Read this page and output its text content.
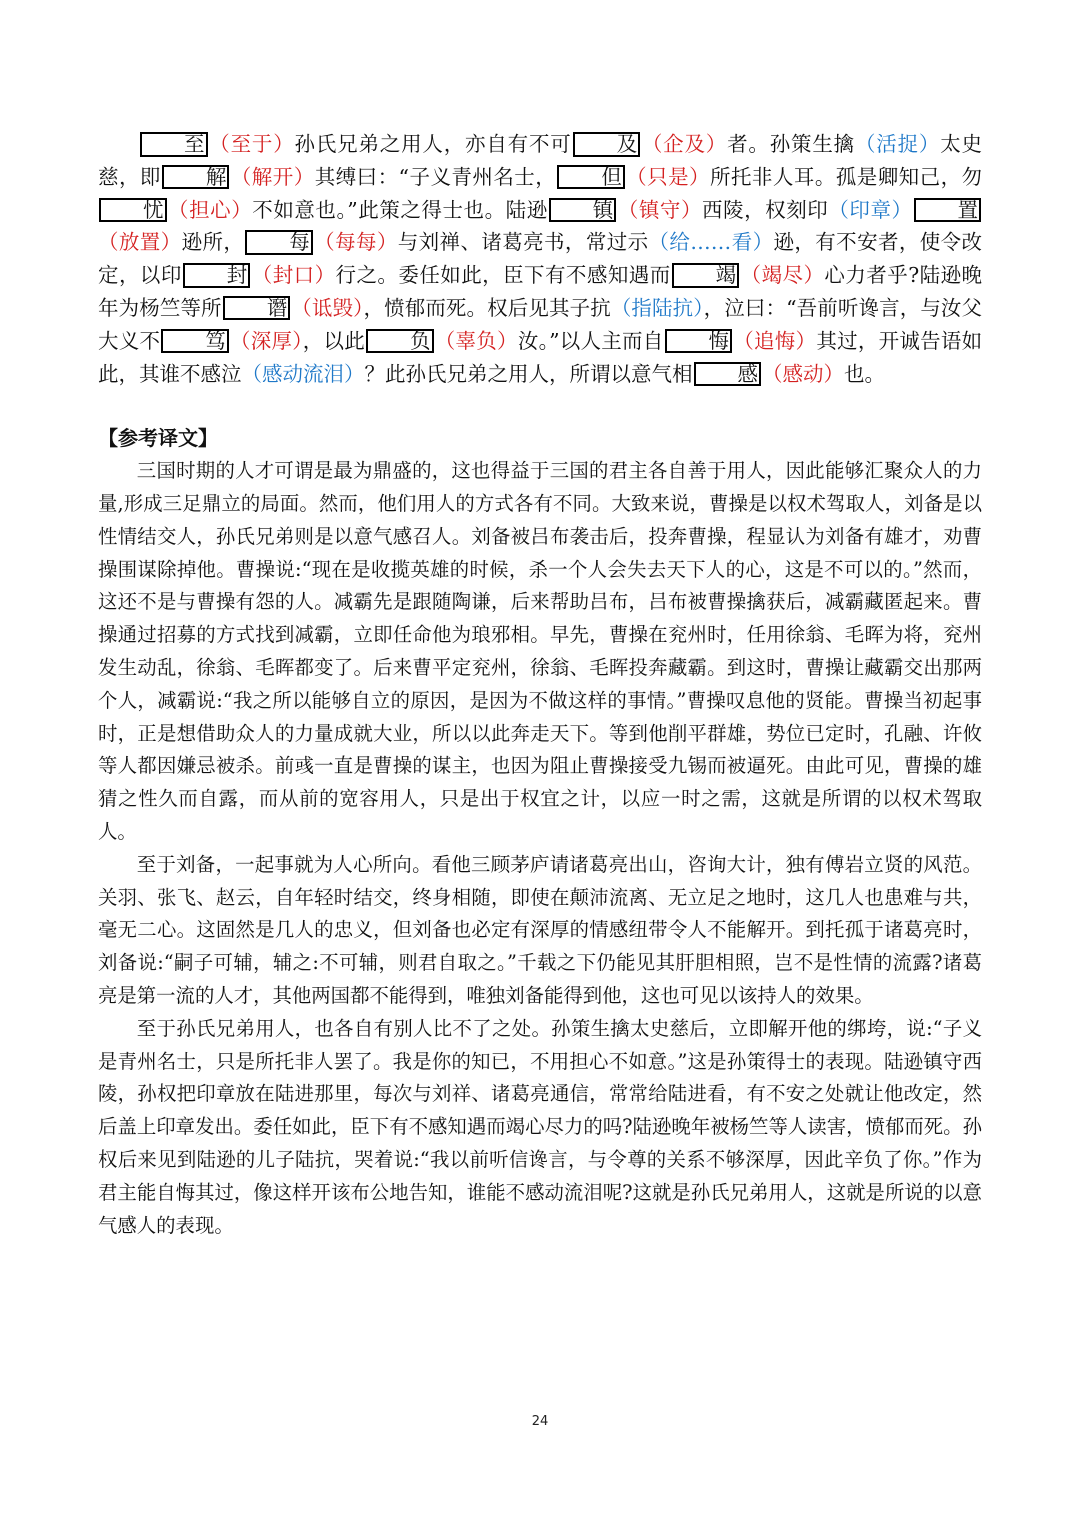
至 （至于）孙氏兄弟之用人，亦自有不可 及 （企及）者。孙策生擒（活捉）太史慈，即 解 （解开）其缚曰：“子义青州名士， 但 （只是）所托非人耳。孤是卿知己，勿忧 （担心）不如意也。”此策之得士也。陆逊 镇 （镇守）西陵，权刻印（印章） 置（放置）逊所， 每 （每每）与刘禅、诸葛亮书，常过示（给……看）逊，有不安者，使令改定，以印 封 （封口）行之。委任如此，臣下有不感知遇而 竭 （竭尽）心力者乎?陆逊晚年为杨竺等所 谮 （诋毁），愤郁而死。权后见其子抗（指陆抗），泣曰：“吾前听谗言，与汝父大义不 笃 （深厚），以此 负 （辜负）汝。”以人主而自 悔 （追悔）其过，开诚告语如此，其谁不感泣（感动流泪）？此孙氏兄弟之用人，所谓以意气相 感 （感动）也。

【参考译文】

三国时期的人才可谓是最为鼎盛的，这也得益于三国的君主各自善于用人，因此能够汇聚众人的力量,形成三足鼎立的局面。然而，他们用人的方式各有不同。大致来说，曹操是以权术驾取人，刘备是以性情结交人，孙氏兄弟则是以意气感召人。刘备被吕布袭击后，投奔曹操，程显认为刘备有雄才，劝曹操围谋除掉他。曹操说:“现在是收揽英雄的时候，杀一个人会失去天下人的心，这是不可以的。”然而，这还不是与曹操有怨的人。减霸先是跟随陶谦，后来帮助吕布，吕布被曹操擒获后，减霸藏匿起来。曹操通过招募的方式找到减霸，立即任命他为琅邪相。早先，曹操在兖州时，任用徐翁、毛晖为将，兖州发生动乱，徐翁、毛晖都变了。后来曹平定兖州，徐翁、毛晖投奔藏霸。到这时，曹操让藏霸交出那两个人，减霸说:“我之所以能够自立的原因，是因为不做这样的事情。”曹操叹息他的贤能。曹操当初起事时，正是想借助众人的力量成就大业，所以以此奔走天下。等到他削平群雄，势位已定时，孔融、许攸等人都因嫌忌被杀。前彧一直是曹操的谋主，也因为阻止曹操接受九锡而被逼死。由此可见，曹操的雄猜之性久而自露，而从前的宽容用人，只是出于权宜之计，以应一时之需，这就是所谓的以权术驾取人。

至于刘备，一起事就为人心所向。看他三顾茅庐请诸葛亮出山，咨询大计，独有傅岩立贤的风范。关羽、张飞、赵云，自年轻时结交，终身相随，即使在颠沛流离、无立足之地时，这几人也患难与共，毫无二心。这固然是几人的忠义，但刘备也必定有深厚的情感纽带令人不能解开。到托孤于诸葛亮时，刘备说:“嗣子可辅，辅之:不可辅，则君自取之。”千载之下仍能见其肝胆相照，岂不是性情的流露?诸葛亮是第一流的人才，其他两国都不能得到，唯独刘备能得到他，这也可见以该持人的效果。

至于孙氏兄弟用人，也各自有别人比不了之处。孙策生擒太史慈后，立即解开他的绑垮，说:“子义是青州名士，只是所托非人罢了。我是你的知已，不用担心不如意。”这是孙策得士的表现。陆逊镇守西陵，孙权把印章放在陆进那里，每次与刘祥、诸葛亮通信，常常给陆进看，有不安之处就让他改定，然后盖上印章发出。委任如此，臣下有不感知遇而竭心尽力的吗?陆逊晚年被杨竺等人读害，愤郁而死。孙权后来见到陆逊的儿子陆抗，哭着说:“我以前听信谗言，与令尊的关系不够深厚，因此辛负了你。”作为君主能自悔其过，像这样开该布公地告知，谁能不感动流泪呢?这就是孙氏兄弟用人，这就是所说的以意气感人的表现。

24
